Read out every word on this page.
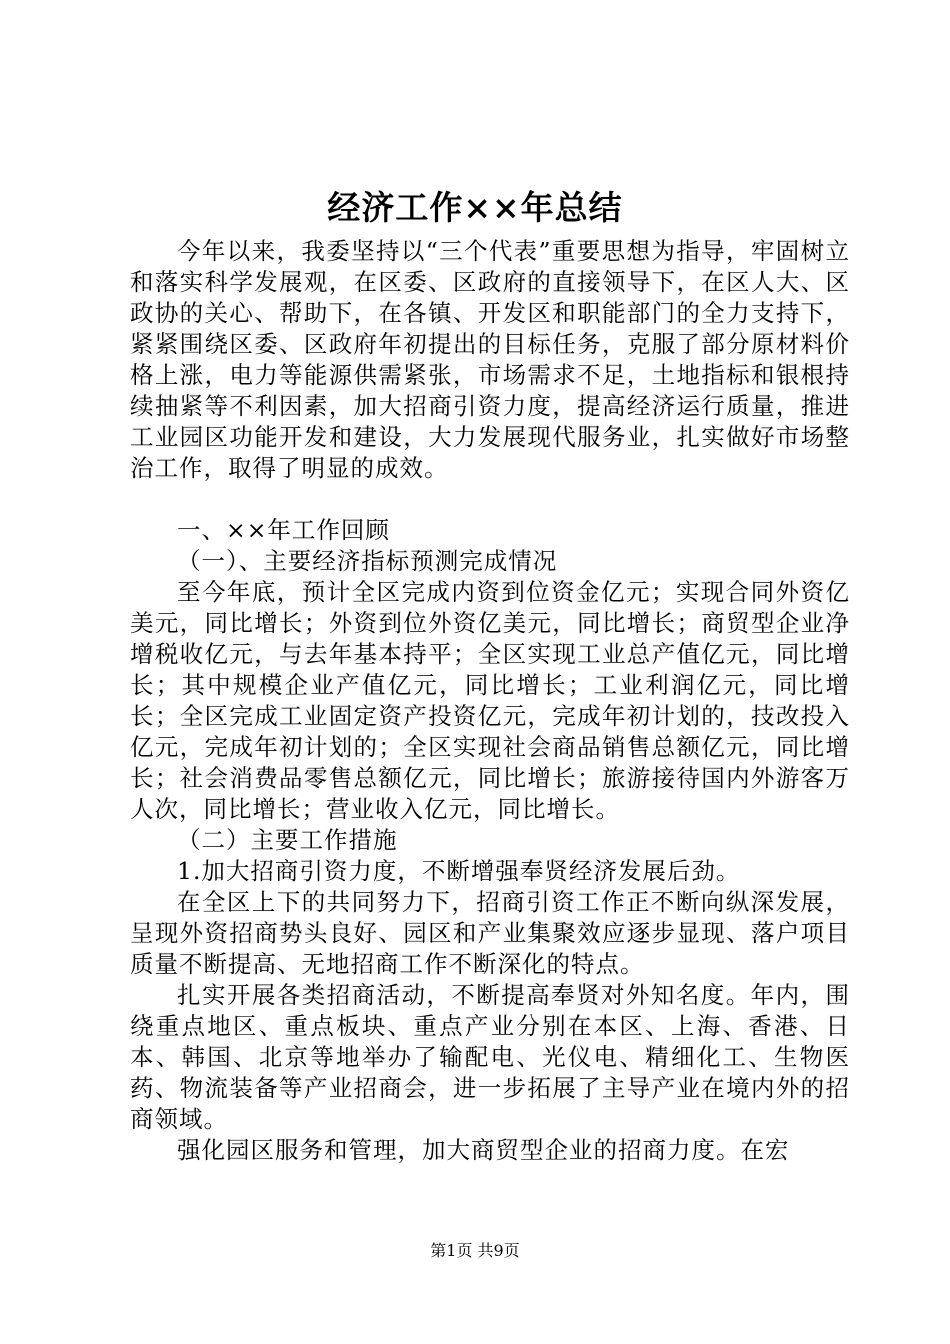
经济工作××年总结

今年以来，我委坚持以“三个代表”重要思想为指导，牢固树立和落实科学发展观，在区委、区政府的直接领导下，在区人大、区政协的关心、帮助下，在各镇、开发区和职能部门的全力支持下，紧紧围绕区委、区政府年初提出的目标任务，克服了部分原材料价格上涨，电力等能源供需紧张，市场需求不足，土地指标和银根持续抽紧等不利因素，加大招商引资力度，提高经济运行质量，推进工业园区功能开发和建设，大力发展现代服务业，扎实做好市场整治工作，取得了明显的成效。

一、××年工作回顾

（一）、主要经济指标预测完成情况

至今年底，预计全区完成内资到位资金亿元；实现合同外资亿美元，同比增长；外资到位外资亿美元，同比增长；商贸型企业净增税收亿元，与去年基本持平；全区实现工业总产值亿元，同比增长；其中规模企业产值亿元，同比增长；工业利润亿元，同比增长；全区完成工业固定资产投资亿元，完成年初计划的，技改投入亿元，完成年初计划的；全区实现社会商品销售总额亿元，同比增长；社会消费品零售总额亿元，同比增长；旅游接待国内外游客万人次，同比增长；营业收入亿元，同比增长。

（二）主要工作措施

1.加大招商引资力度，不断增强奉贤经济发展后劲。

在全区上下的共同努力下，招商引资工作正不断向纵深发展，呈现外资招商势头良好、园区和产业集聚效应逐步显现、落户项目质量不断提高、无地招商工作不断深化的特点。

扎实开展各类招商活动，不断提高奉贤对外知名度。年内，围绕重点地区、重点板块、重点产业分别在本区、上海、香港、日本、韩国、北京等地举办了输配电、光仪电、精细化工、生物医药、物流装备等产业招商会，进一步拓展了主导产业在境内外的招商领域。

强化园区服务和管理，加大商贸型企业的招商力度。在宏

第1页 共9页
